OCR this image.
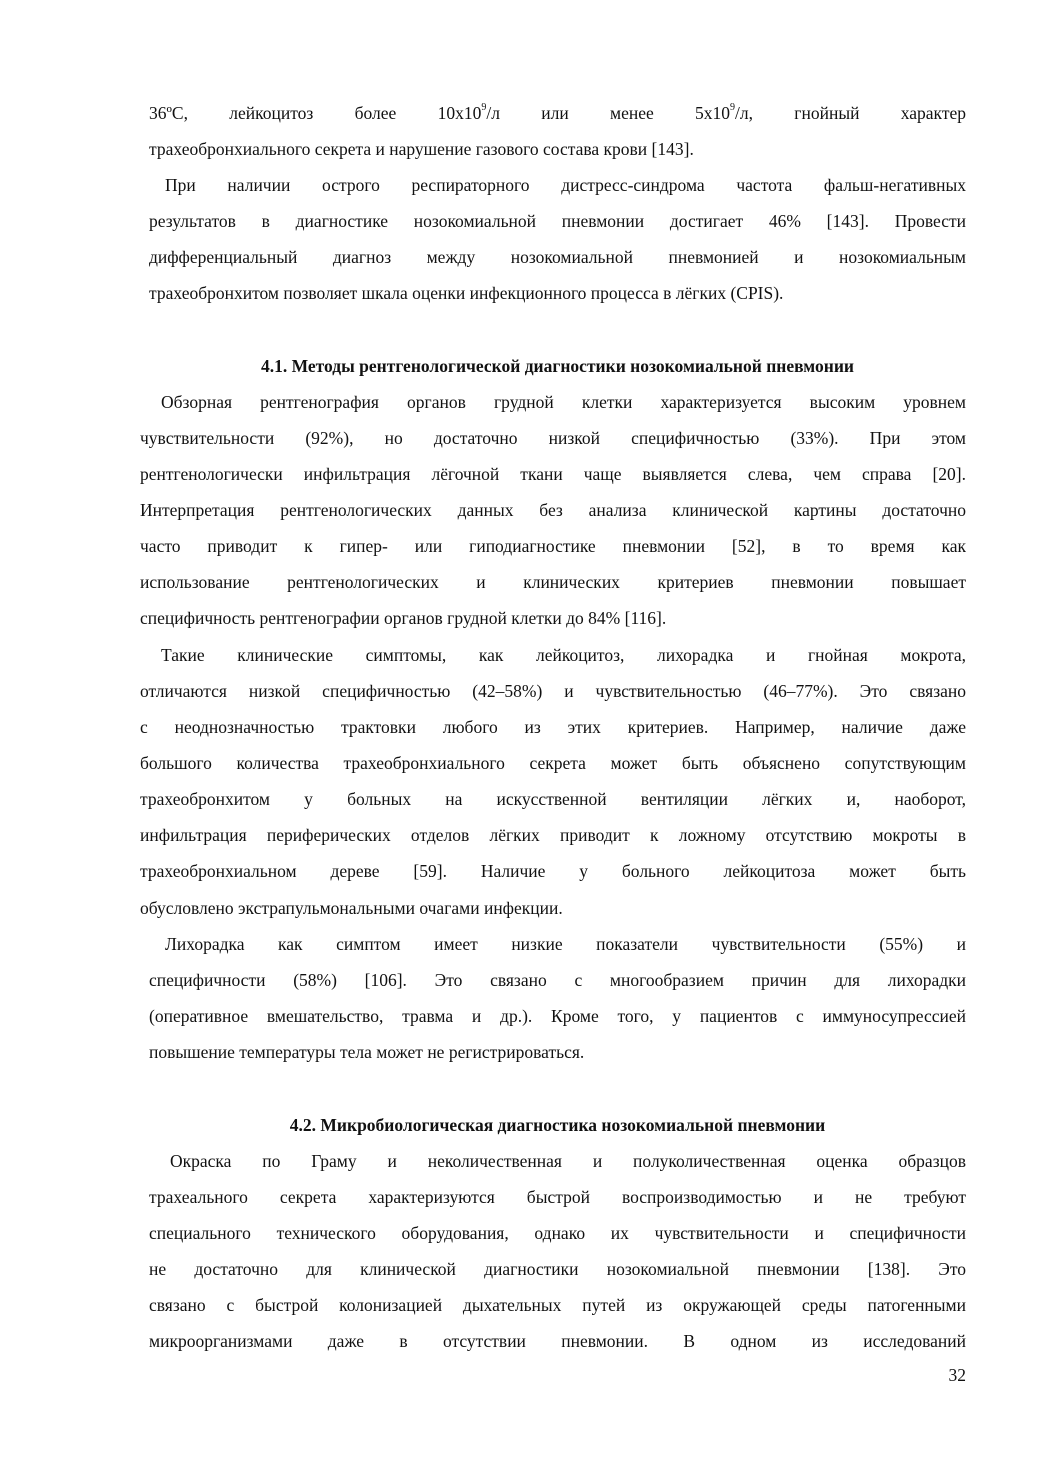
36ºC, лейкоцитоз более $10x10^9/л$ или менее $5x10^9/л$, гнойный характер
трахеобронхиального секрета и нарушение газового состава крови [143].
При наличии острого респираторного дистресс-синдрома частота фальш-негативных
результатов в диагностике нозокомиальной пневмонии достигает 46% [143]. Провести
дифференциальный диагноз между нозокомиальной пневмонией и нозокомиальным
трахеобронхитом позволяет шкала оценки инфекционного процесса в лёгких (CPIS).
4.1. Методы рентгенологической диагностики нозокомиальной пневмонии
Обзорная рентгенография органов грудной клетки характеризуется высоким уровнем
чувствительности (92%), но достаточно низкой специфичностью (33%). При этом
рентгенологически инфильтрация лёгочной ткани чаще выявляется слева, чем справа [20].
Интерпретация рентгенологических данных без анализа клинической картины достаточно
часто приводит к гипер- или гиподиагностике пневмонии [52], в то время как
использование рентгенологических и клинических критериев пневмонии повышает
специфичность рентгенографии органов грудной клетки до 84% [116].
Такие клинические симптомы, как лейкоцитоз, лихорадка и гнойная мокрота,
отличаются низкой специфичностью (42–58%) и чувствительностью (46–77%). Это связано
с неоднозначностью трактовки любого из этих критериев. Например, наличие даже
большого количества трахеобронхиального секрета может быть объяснено сопутствующим
трахеобронхитом у больных на искусственной вентиляции лёгких и, наоборот,
инфильтрация периферических отделов лёгких приводит к ложному отсутствию мокроты в
трахеобронхиальном дереве [59]. Наличие у больного лейкоцитоза может быть
обусловлено экстрапульмональными очагами инфекции.
Лихорадка как симптом имеет низкие показатели чувствительности (55%) и
специфичности (58%) [106]. Это связано с многообразием причин для лихорадки
(оперативное вмешательство, травма и др.). Кроме того, у пациентов с иммуносупрессией
повышение температуры тела может не регистрироваться.
4.2. Микробиологическая диагностика нозокомиальной пневмонии
Окраска по Граму и неколичественная и полуколичественная оценка образцов
трахеального секрета характеризуются быстрой воспроизводимостью и не требуют
специального технического оборудования, однако их чувствительности и специфичности
не достаточно для клинической диагностики нозокомиальной пневмонии [138]. Это
связано с быстрой колонизацией дыхательных путей из окружающей среды патогенными
микроорганизмами даже в отсутствии пневмонии. В одном из исследований
32
